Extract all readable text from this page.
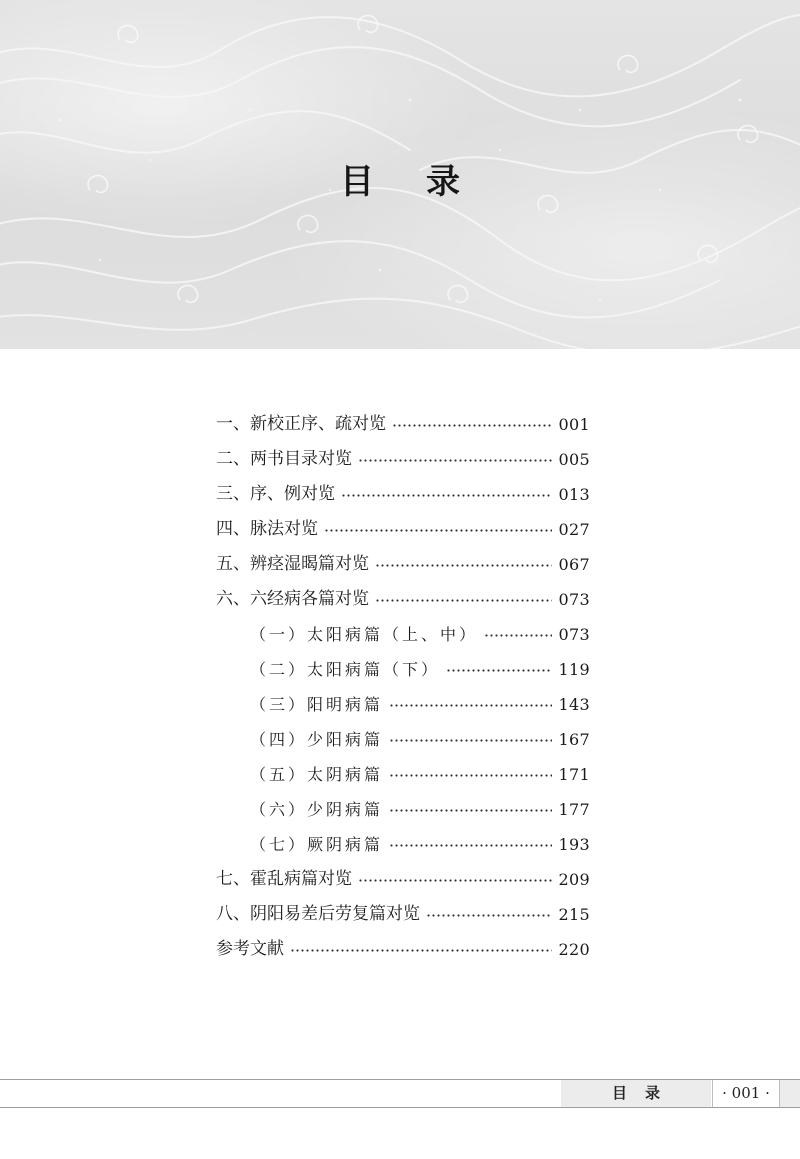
目录
一、新校正序、疏对览	001
二、两书目录对览	005
三、序、例对览	013
四、脉法对览	027
五、辨痉湿暍篇对览	067
六、六经病各篇对览	073
（一）太阳病篇（上、中）	073
（二）太阳病篇（下）	119
（三）阳明病篇	143
（四）少阳病篇	167
（五）太阴病篇	171
（六）少阴病篇	177
（七）厥阴病篇	193
七、霍乱病篇对览	209
八、阴阳易差后劳复篇对览	215
参考文献	220
目录	· 001 ·
